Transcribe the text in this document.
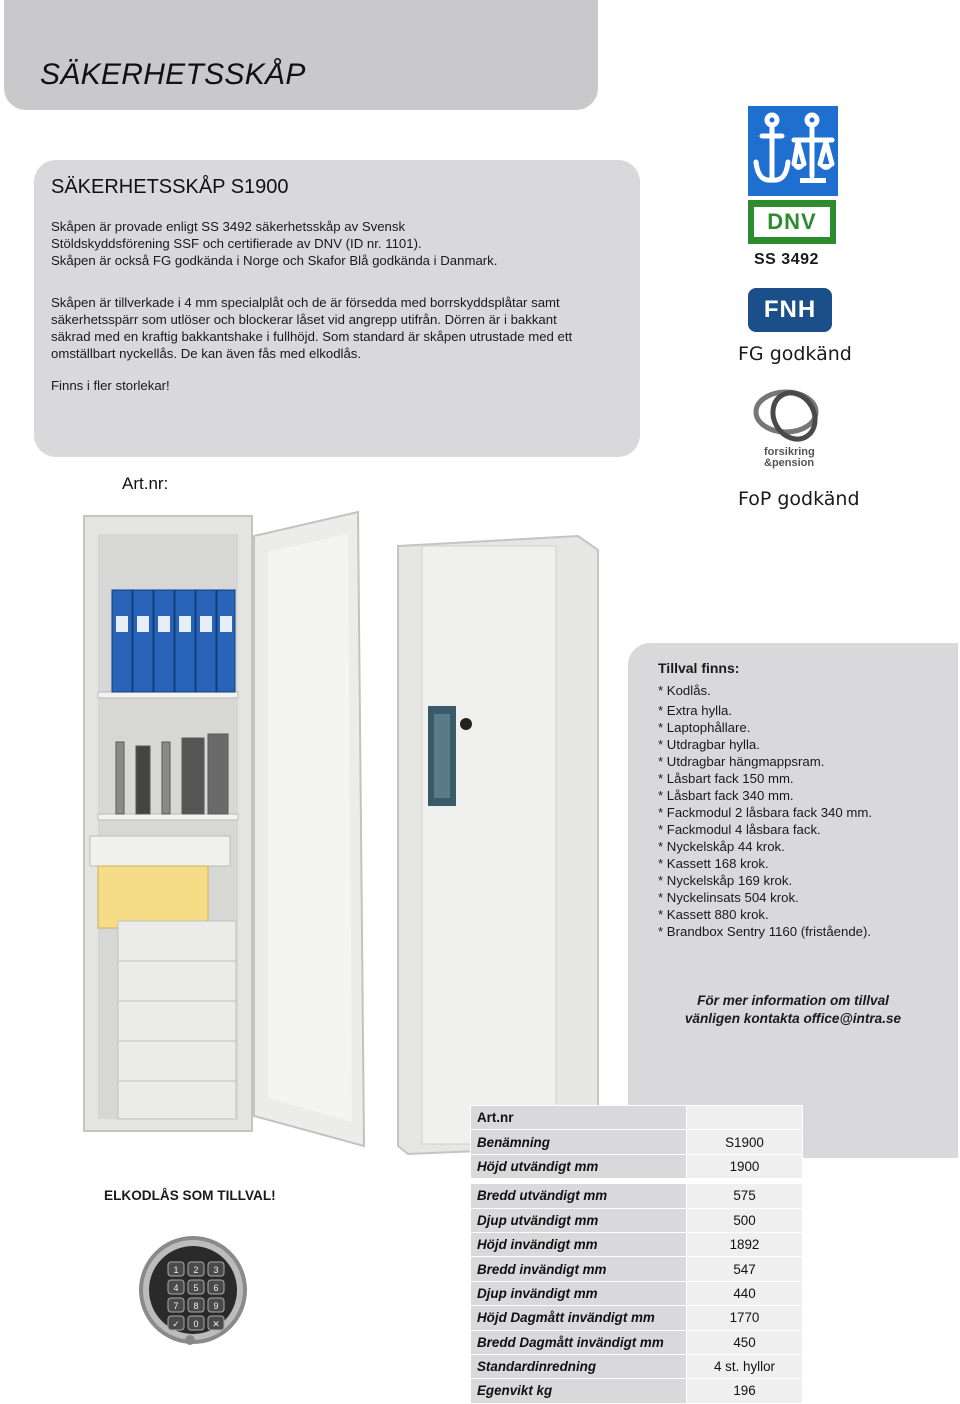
SÄKERHETSSKÅP
SÄKERHETSSKÅP S1900
Skåpen är provade enligt SS 3492 säkerhetsskåp av Svensk
Stöldskyddsförening SSF och certifierade av DNV (ID nr. 1101).
Skåpen är också FG godkända i Norge och Skafor Blå godkända i Danmark.
Skåpen är tillverkade i 4 mm specialplåt och de är försedda med borrskyddsplåtar samt
säkerhetsspärr som utlöser och blockerar låset vid angrepp utifrån. Dörren är i bakkant
säkrad med en kraftig bakkantshake i fullhöjd. Som standard är skåpen utrustade med ett
omställbart nyckellås. De kan även fås med elkodlås.
Finns i fler storlekar!
Art.nr:
DNV
SS 3492
FNH
FG godkänd
forsikring
&pension
FoP godkänd
Tillval finns:
* Kodlås.
* Extra hylla.
* Laptophållare.
* Utdragbar hylla.
* Utdragbar hängmappsram.
* Låsbart fack 150 mm.
* Låsbart fack 340 mm.
* Fackmodul 2 låsbara fack 340 mm.
* Fackmodul 4 låsbara fack.
* Nyckelskåp 44 krok.
* Kassett 168 krok.
* Nyckelskåp 169 krok.
* Nyckelinsats 504 krok.
* Kassett 880 krok.
* Brandbox Sentry 1160 (fristående).
För mer information om tillval
vänligen kontakta office@intra.se
ELKODLÅS SOM TILLVAL!
1 2 3
4 5 6
7 8 9
✓ 0 ✕
Art.nr	
Benämning	S1900
Höjd utvändigt mm	1900

Bredd utvändigt mm	575
Djup utvändigt mm	500
Höjd invändigt mm	1892
Bredd invändigt mm	547
Djup invändigt mm	440
Höjd Dagmått invändigt mm	1770
Bredd Dagmått invändigt mm	450
Standardinredning	4 st. hyllor
Egenvikt kg	196
